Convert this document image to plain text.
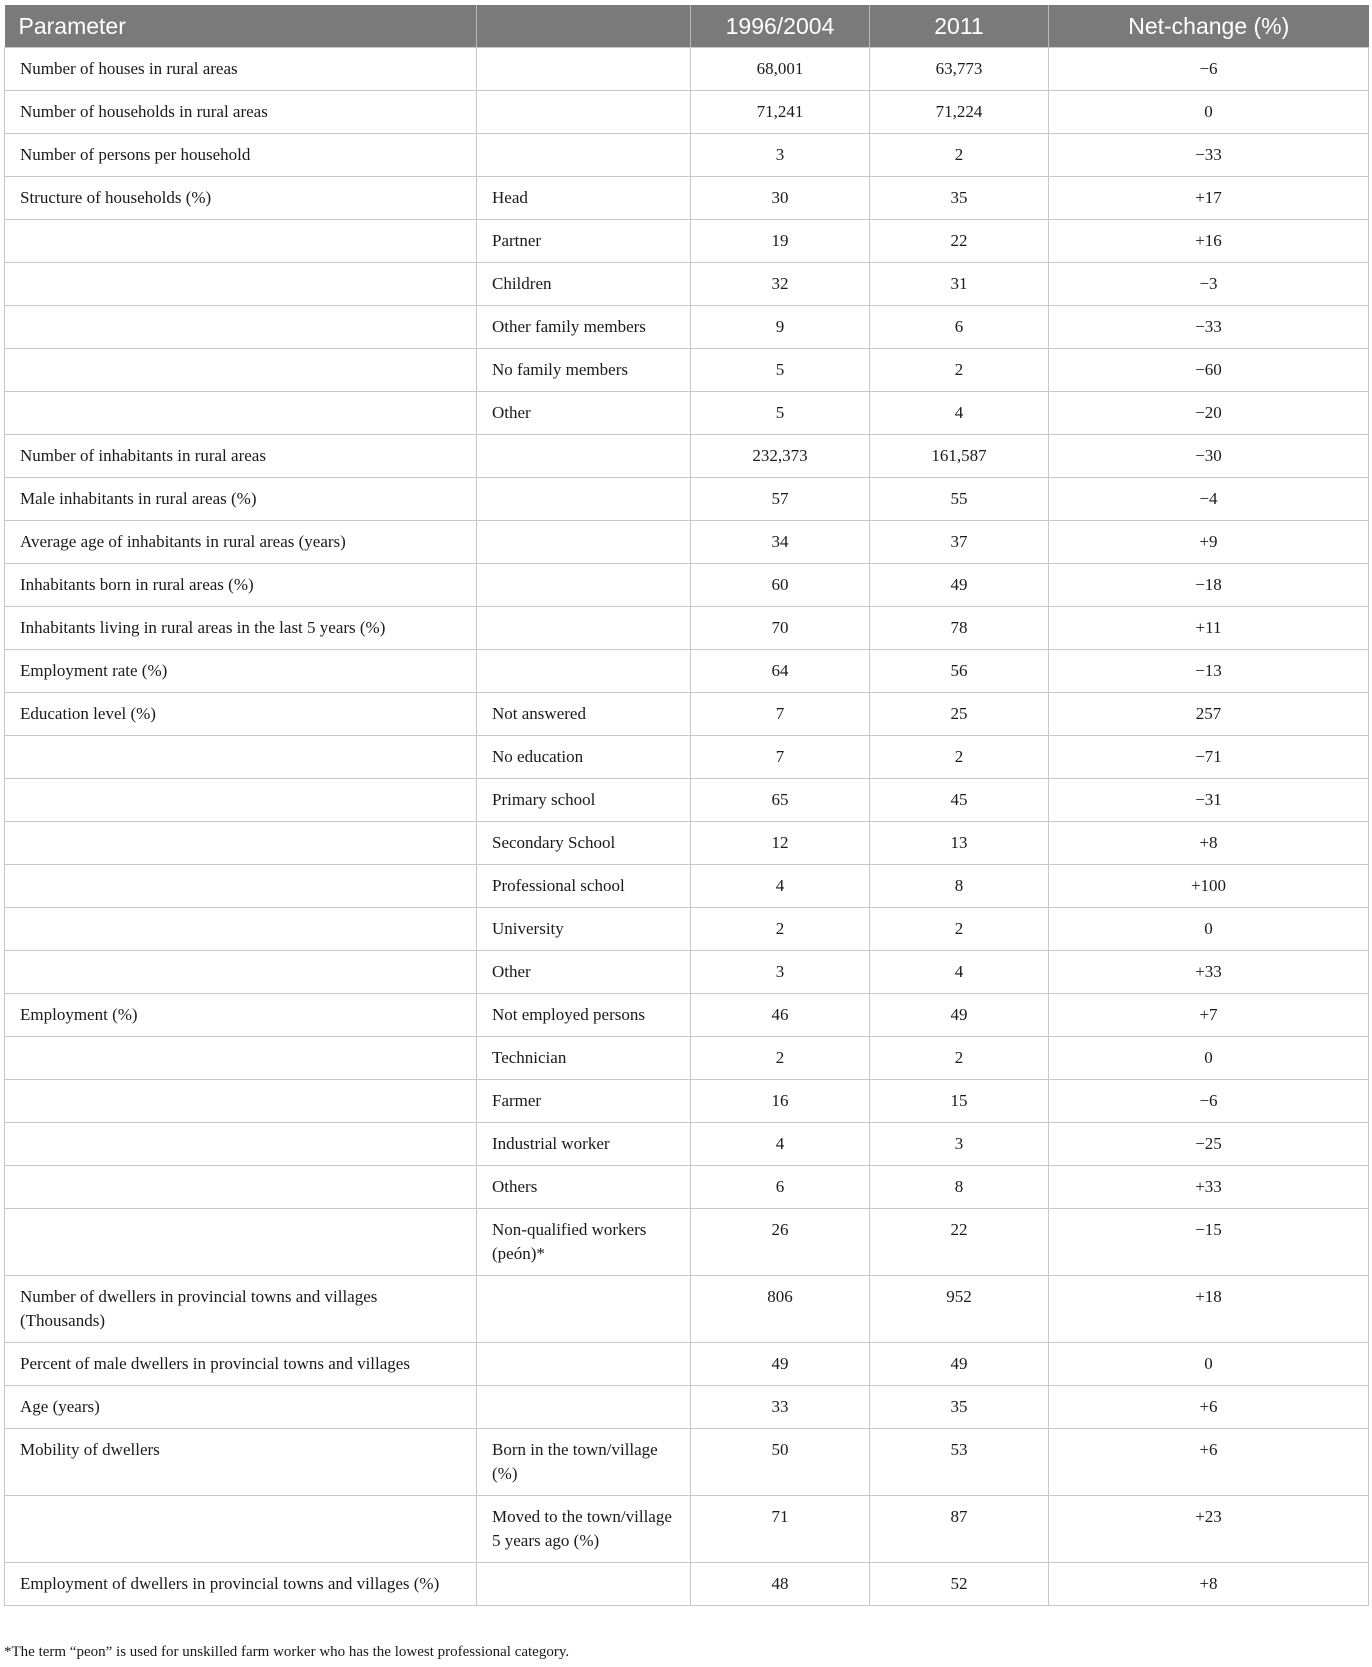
Parameter		1996/2004	2011	Net-change (%)
Number of houses in rural areas		68,001	63,773	−6
Number of households in rural areas		71,241	71,224	0
Number of persons per household		3	2	−33
Structure of households (%)	Head	30	35	+17
	Partner	19	22	+16
	Children	32	31	−3
	Other family members	9	6	−33
	No family members	5	2	−60
	Other	5	4	−20
Number of inhabitants in rural areas		232,373	161,587	−30
Male inhabitants in rural areas (%)		57	55	−4
Average age of inhabitants in rural areas (years)		34	37	+9
Inhabitants born in rural areas (%)		60	49	−18
Inhabitants living in rural areas in the last 5 years (%)		70	78	+11
Employment rate (%)		64	56	−13
Education level (%)	Not answered	7	25	257
	No education	7	2	−71
	Primary school	65	45	−31
	Secondary School	12	13	+8
	Professional school	4	8	+100
	University	2	2	0
	Other	3	4	+33
Employment (%)	Not employed persons	46	49	+7
	Technician	2	2	0
	Farmer	16	15	−6
	Industrial worker	4	3	−25
	Others	6	8	+33
	Non-qualified workers (peón)*	26	22	−15
Number of dwellers in provincial towns and villages (Thousands)		806	952	+18
Percent of male dwellers in provincial towns and villages		49	49	0
Age (years)		33	35	+6
Mobility of dwellers	Born in the town/village (%)	50	53	+6
	Moved to the town/village 5 years ago (%)	71	87	+23
Employment of dwellers in provincial towns and villages (%)		48	52	+8
*The term “peon” is used for unskilled farm worker who has the lowest professional category.
